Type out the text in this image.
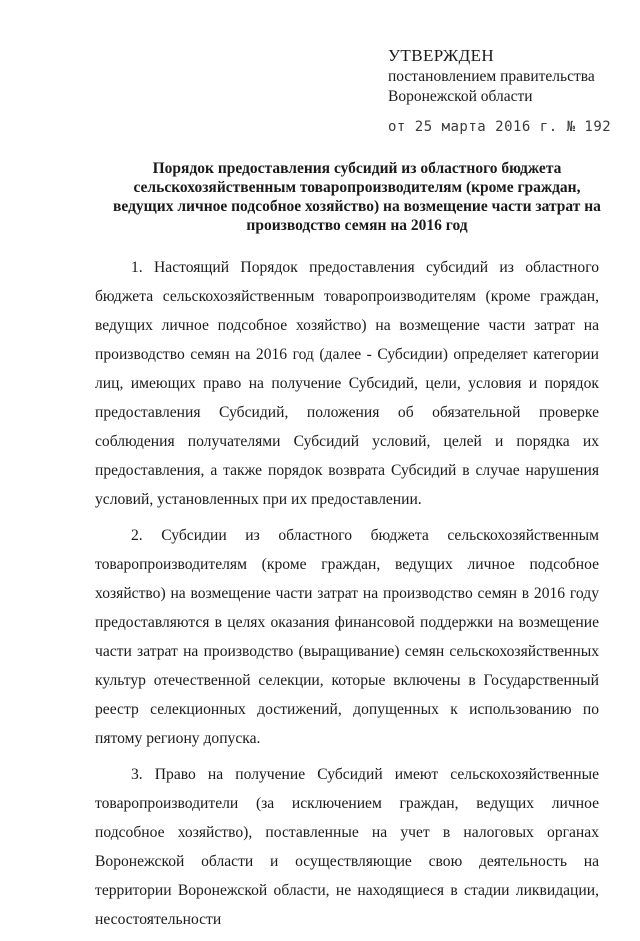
УТВЕРЖДЕН
постановлением правительства
Воронежской области
от 25 марта 2016 г. № 192
Порядок предоставления субсидий из областного бюджета сельскохозяйственным товаропроизводителям (кроме граждан, ведущих личное подсобное хозяйство) на возмещение части затрат на производство семян на 2016 год

1. Настоящий Порядок предоставления субсидий из областного бюджета сельскохозяйственным товаропроизводителям (кроме граждан, ведущих личное подсобное хозяйство) на возмещение части затрат на производство семян на 2016 год (далее - Субсидии) определяет категории лиц, имеющих право на получение Субсидий, цели, условия и порядок предоставления Субсидий, положения об обязательной проверке соблюдения получателями Субсидий условий, целей и порядка их предоставления, а также порядок возврата Субсидий в случае нарушения условий, установленных при их предоставлении.

2. Субсидии из областного бюджета сельскохозяйственным товаропроизводителям (кроме граждан, ведущих личное подсобное хозяйство) на возмещение части затрат на производство семян в 2016 году предоставляются в целях оказания финансовой поддержки на возмещение части затрат на производство (выращивание) семян сельскохозяйственных культур отечественной селекции, которые включены в Государственный реестр селекционных достижений, допущенных к использованию по пятому региону допуска.

3. Право на получение Субсидий имеют сельскохозяйственные товаропроизводители (за исключением граждан, ведущих личное подсобное хозяйство), поставленные на учет в налоговых органах Воронежской области и осуществляющие свою деятельность на территории Воронежской области, не находящиеся в стадии ликвидации, несостоятельности
